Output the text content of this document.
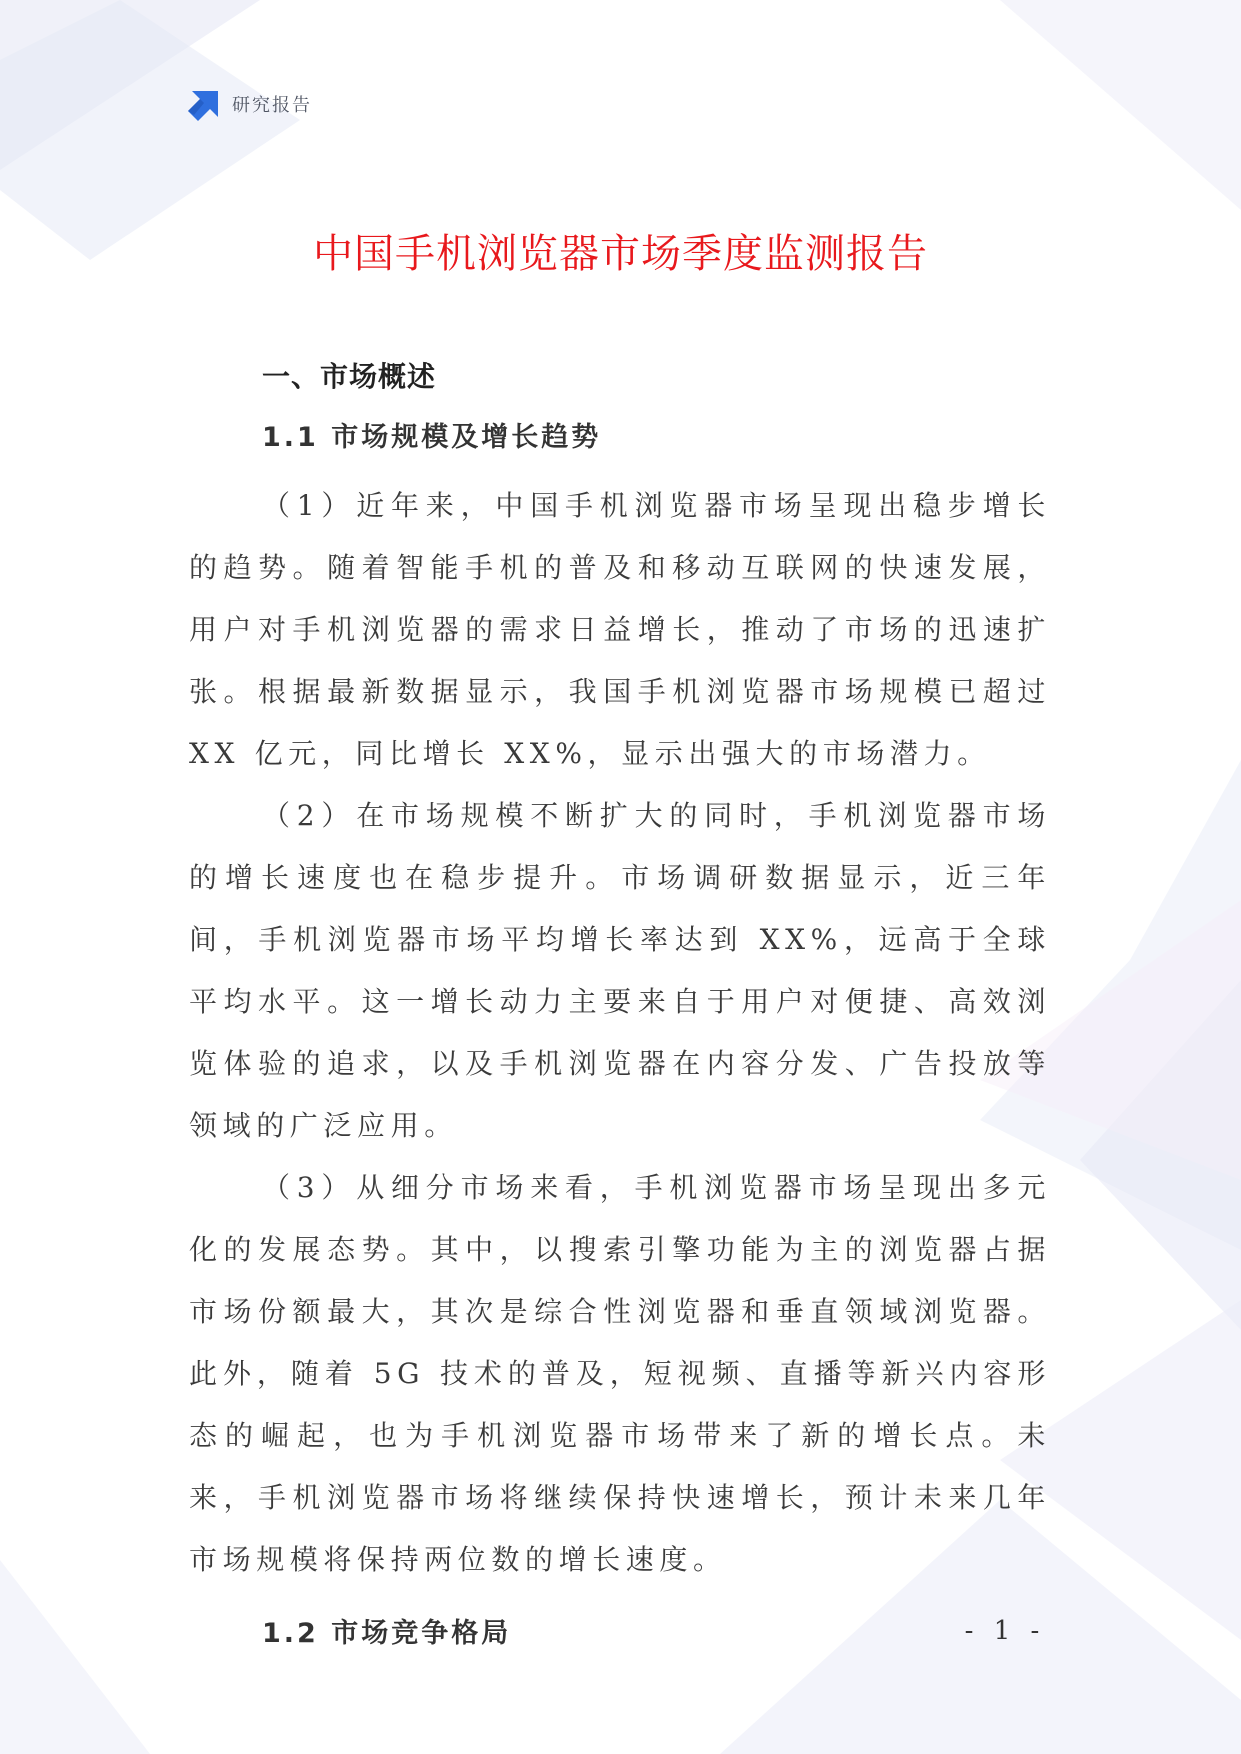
研究报告
中国手机浏览器市场季度监测报告
一、市场概述
1.1 市场规模及增长趋势

（1）近年来，中国手机浏览器市场呈现出稳步增长的趋势。随着智能手机的普及和移动互联网的快速发展，用户对手机浏览器的需求日益增长，推动了市场的迅速扩张。根据最新数据显示，我国手机浏览器市场规模已超过 XX 亿元，同比增长 XX%，显示出强大的市场潜力。

（2）在市场规模不断扩大的同时，手机浏览器市场的增长速度也在稳步提升。市场调研数据显示，近三年间，手机浏览器市场平均增长率达到 XX%，远高于全球平均水平。这一增长动力主要来自于用户对便捷、高效浏览体验的追求，以及手机浏览器在内容分发、广告投放等领域的广泛应用。

（3）从细分市场来看，手机浏览器市场呈现出多元化的发展态势。其中，以搜索引擎功能为主的浏览器占据市场份额最大，其次是综合性浏览器和垂直领域浏览器。此外，随着 5G 技术的普及，短视频、直播等新兴内容形态的崛起，也为手机浏览器市场带来了新的增长点。未来，手机浏览器市场将继续保持快速增长，预计未来几年市场规模将保持两位数的增长速度。

1.2 市场竞争格局	- 1 -
